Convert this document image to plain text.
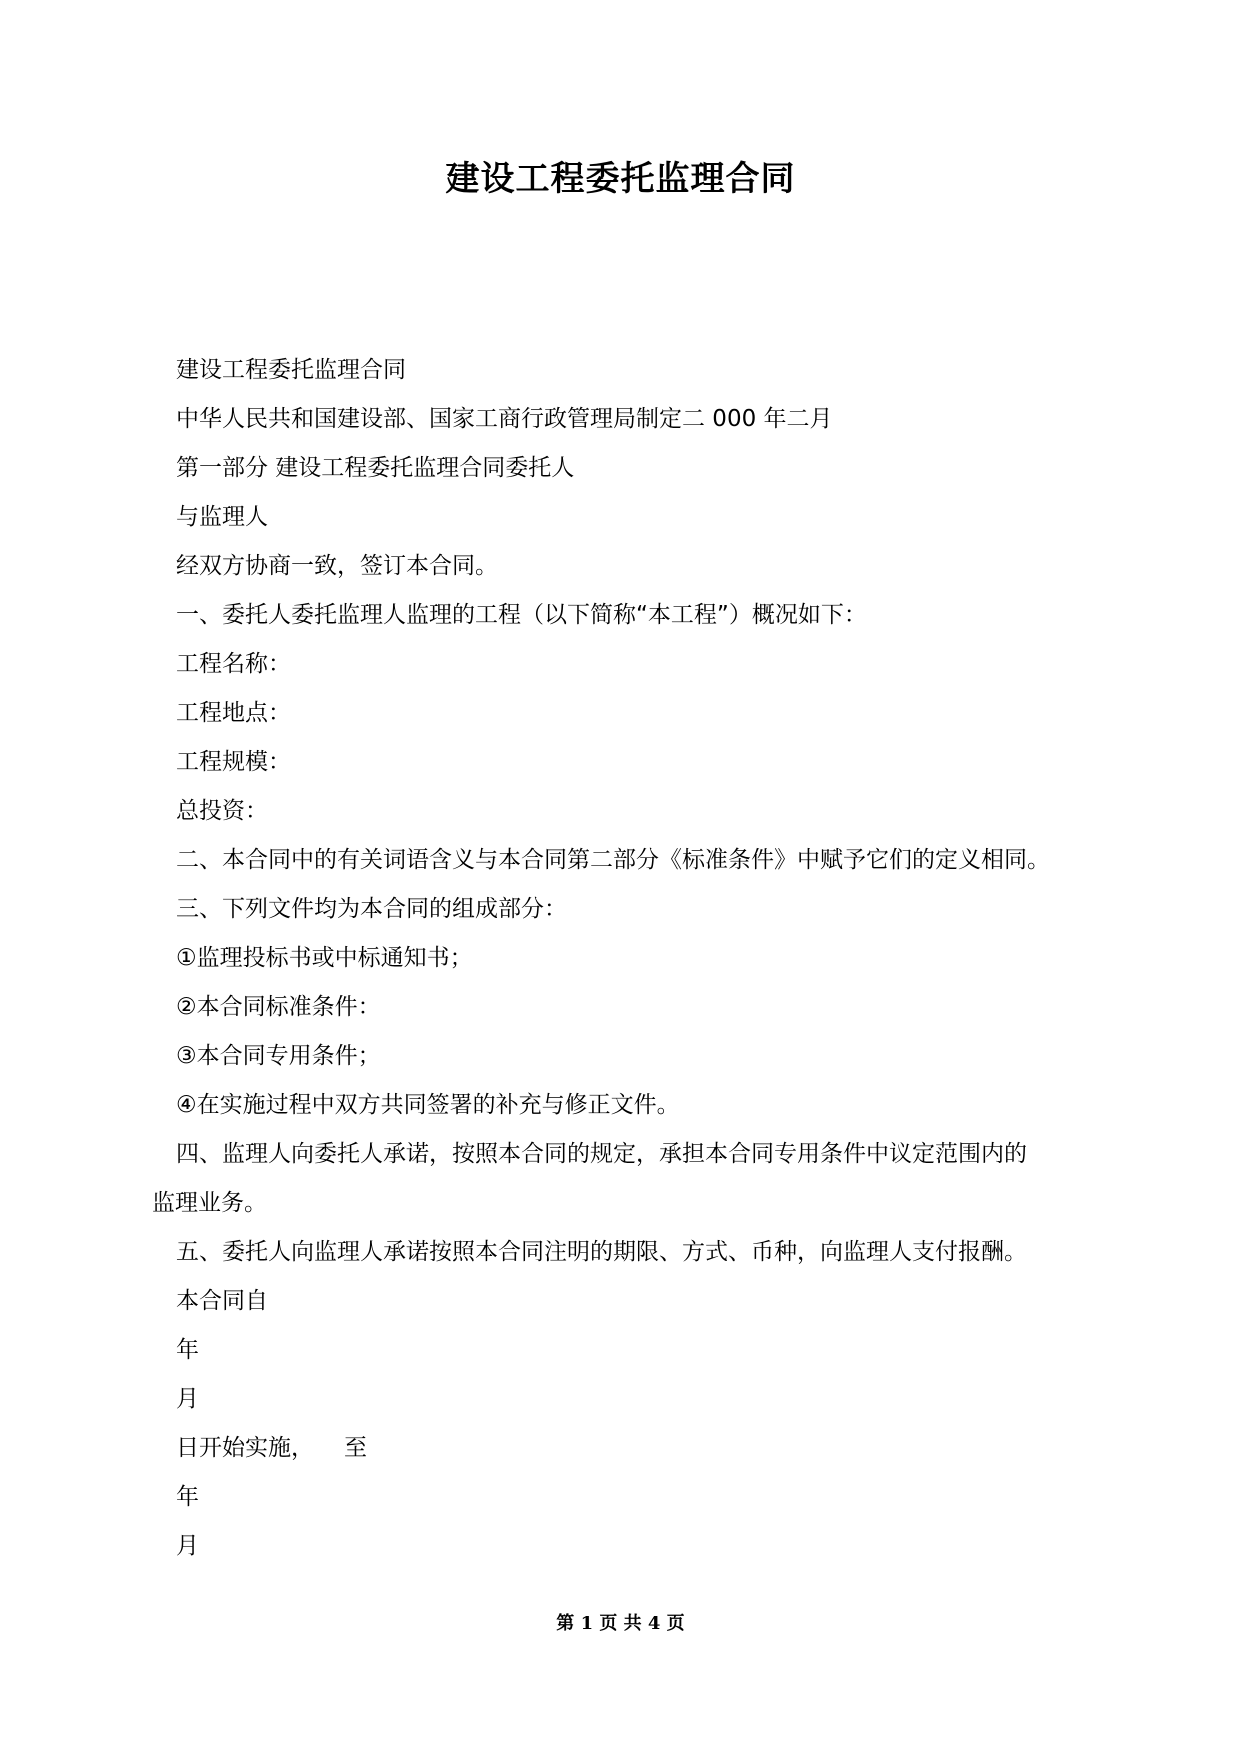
建设工程委托监理合同
建设工程委托监理合同
中华人民共和国建设部、国家工商行政管理局制定二 000 年二月
第一部分 建设工程委托监理合同委托人
与监理人
经双方协商一致，签订本合同。
一、委托人委托监理人监理的工程（以下简称“本工程”）概况如下：
工程名称：
工程地点：
工程规模：
总投资：
二、本合同中的有关词语含义与本合同第二部分《标准条件》中赋予它们的定义相同。
三、下列文件均为本合同的组成部分：
①监理投标书或中标通知书；
②本合同标准条件：
③本合同专用条件；
④在实施过程中双方共同签署的补充与修正文件。
四、监理人向委托人承诺，按照本合同的规定，承担本合同专用条件中议定范围内的
监理业务。
五、委托人向监理人承诺按照本合同注明的期限、方式、币种，向监理人支付报酬。
本合同自
年
月
日开始实施， 至
年
月
第 1 页 共 4 页
